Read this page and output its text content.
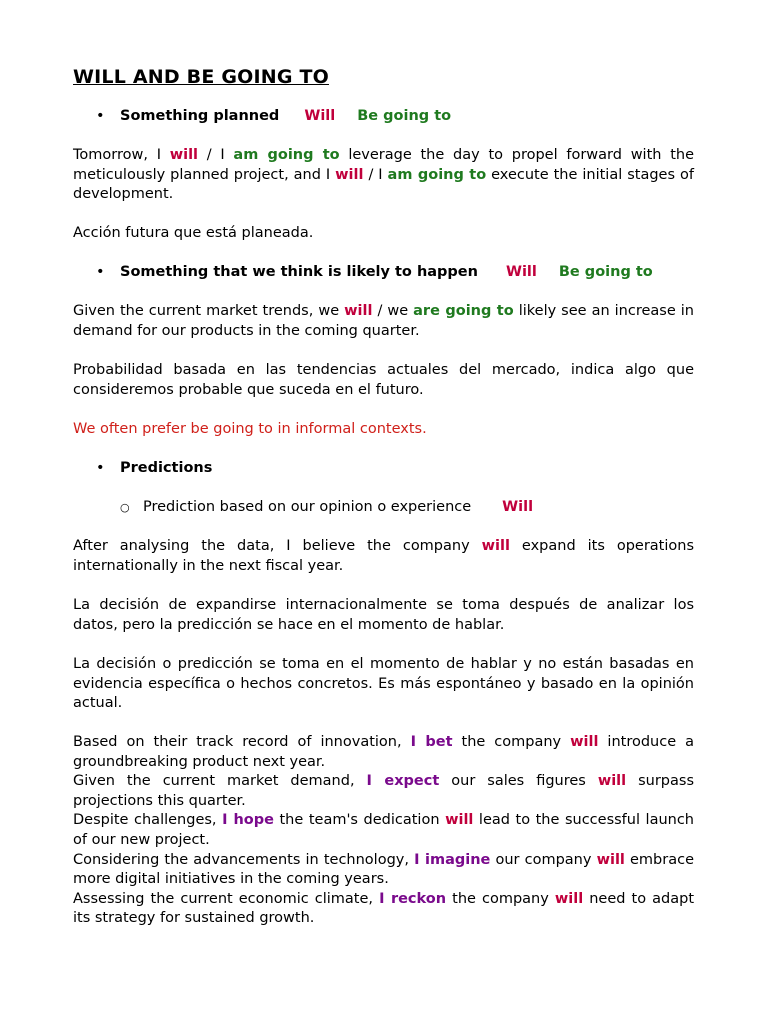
WILL AND BE GOING TO
• Something planned Will Be going to

Tomorrow, I will / I am going to leverage the day to propel forward with the meticulously planned project, and I will / I am going to execute the initial stages of development.

Acción futura que está planeada.

• Something that we think is likely to happen Will Be going to

Given the current market trends, we will / we are going to likely see an increase in demand for our products in the coming quarter.

Probabilidad basada en las tendencias actuales del mercado, indica algo que consideremos probable que suceda en el futuro.

We often prefer be going to in informal contexts.

• Predictions
○ Prediction based on our opinion o experience Will

After analysing the data, I believe the company will expand its operations internationally in the next fiscal year.

La decisión de expandirse internacionalmente se toma después de analizar los datos, pero la predicción se hace en el momento de hablar.

La decisión o predicción se toma en el momento de hablar y no están basadas en evidencia específica o hechos concretos. Es más espontáneo y basado en la opinión actual.

Based on their track record of innovation, I bet the company will introduce a groundbreaking product next year.
Given the current market demand, I expect our sales figures will surpass projections this quarter.
Despite challenges, I hope the team's dedication will lead to the successful launch of our new project.
Considering the advancements in technology, I imagine our company will embrace more digital initiatives in the coming years.
Assessing the current economic climate, I reckon the company will need to adapt its strategy for sustained growth.
